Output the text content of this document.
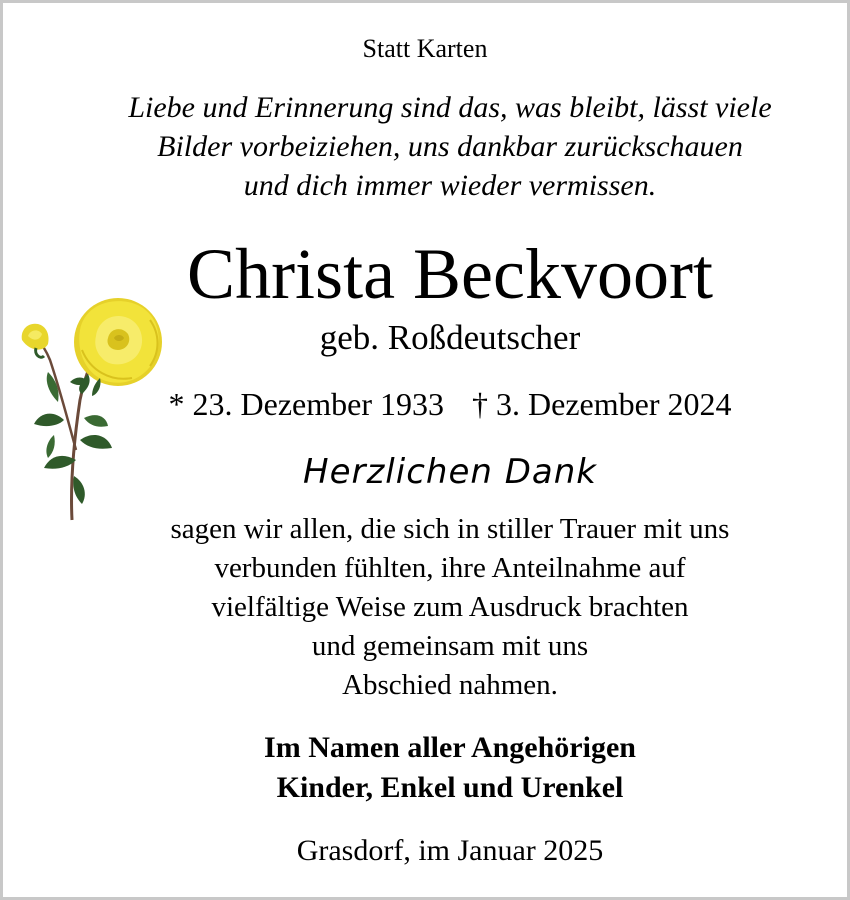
Statt Karten
Liebe und Erinnerung sind das, was bleibt, lässt viele
Bilder vorbeiziehen, uns dankbar zurückschauen
und dich immer wieder vermissen.
Christa Beckvoort
geb. Roßdeutscher
* 23. Dezember 1933 † 3. Dezember 2024
Herzlichen Dank
sagen wir allen, die sich in stiller Trauer mit uns
verbunden fühlten, ihre Anteilnahme auf
vielfältige Weise zum Ausdruck brachten
und gemeinsam mit uns
Abschied nahmen.
Im Namen aller Angehörigen
Kinder, Enkel und Urenkel
Grasdorf, im Januar 2025
